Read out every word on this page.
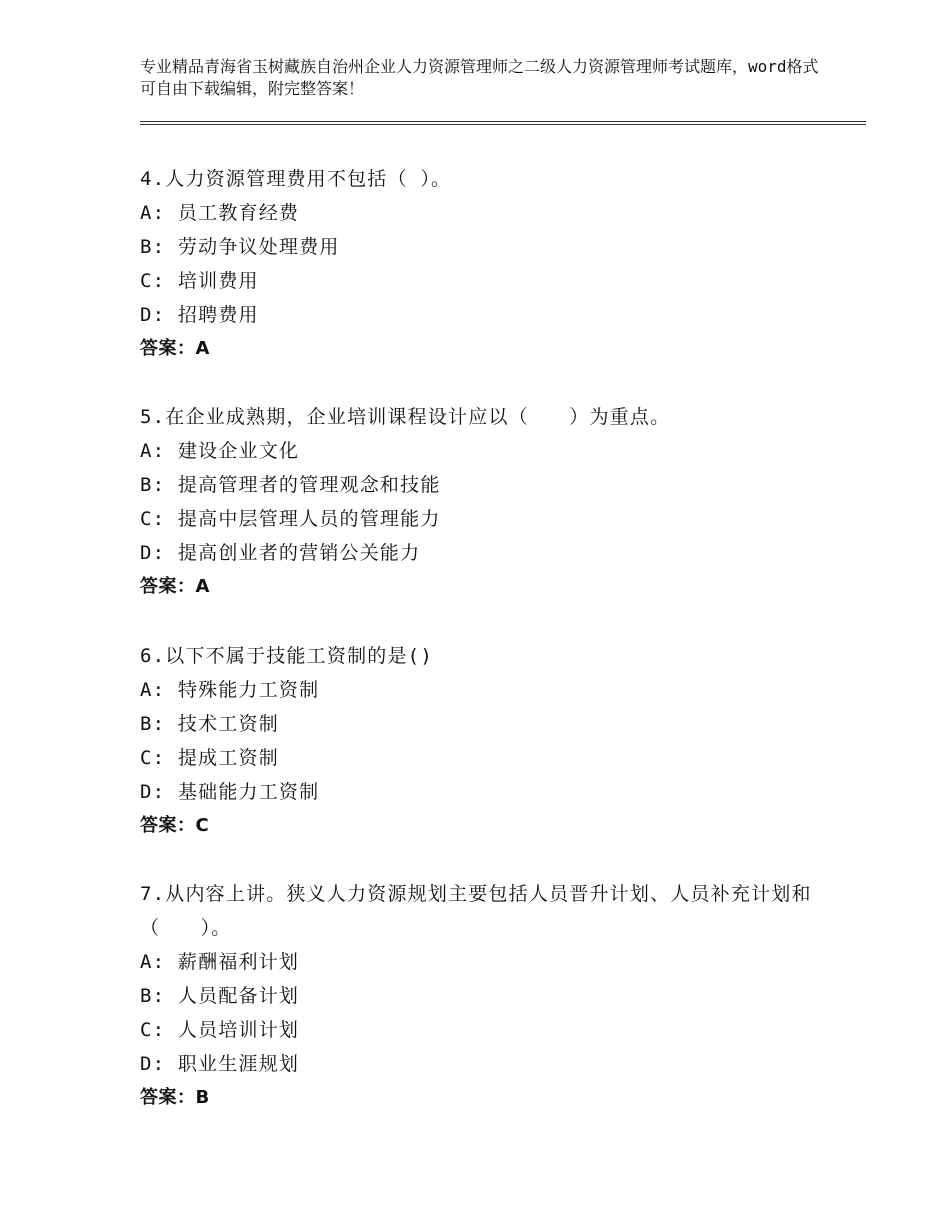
专业精品青海省玉树藏族自治州企业人力资源管理师之二级人力资源管理师考试题库，word格式可自由下载编辑，附完整答案！
4.人力资源管理费用不包括（ ）。
A: 员工教育经费
B: 劳动争议处理费用
C: 培训费用
D: 招聘费用
答案：A
5.在企业成熟期，企业培训课程设计应以（　　）为重点。
A: 建设企业文化
B: 提高管理者的管理观念和技能
C: 提高中层管理人员的管理能力
D: 提高创业者的营销公关能力
答案：A
6.以下不属于技能工资制的是()
A: 特殊能力工资制
B: 技术工资制
C: 提成工资制
D: 基础能力工资制
答案：C
7.从内容上讲。狭义人力资源规划主要包括人员晋升计划、人员补充计划和（　　）。
A: 薪酬福利计划
B: 人员配备计划
C: 人员培训计划
D: 职业生涯规划
答案：B
